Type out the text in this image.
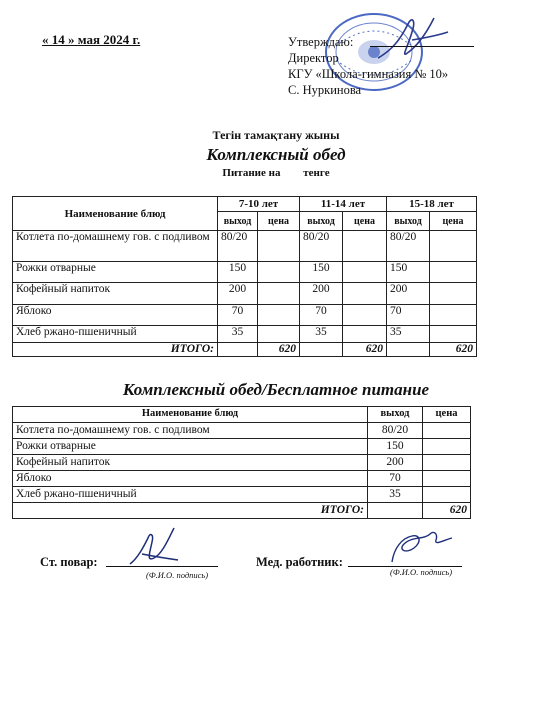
« 14 » мая 2024 г.	Утверждаю:
Директор
КГУ «Школа-гимназия № 10»
С. Нуркинова
Тегін тамақтану жыны
Комплексный обед
Питание на тенге
Наименование блюд	7-10 лет		11-14 лет		15-18 лет	
	выход	цена	выход	цена	выход	цена
Котлета по-домашнему гов. с подливом	80/20		80/20		80/20	
Рожки отварные	150		150		150	
Кофейный напиток	200		200		200	
Яблоко	70		70		70	
Хлеб ржано-пшеничный	35		35		35	
ИТОГО:		620		620		620
Комплексный обед/Бесплатное питание
Наименование блюд	выход	цена
Котлета по-домашнему гов. с подливом	80/20	
Рожки отварные	150	
Кофейный напиток	200	
Яблоко	70	
Хлеб ржано-пшеничный	35	
ИТОГО:		620
Ст. повар:
(Ф.И.О. подпись)
Мед. работник:
(Ф.И.О. подпись)
